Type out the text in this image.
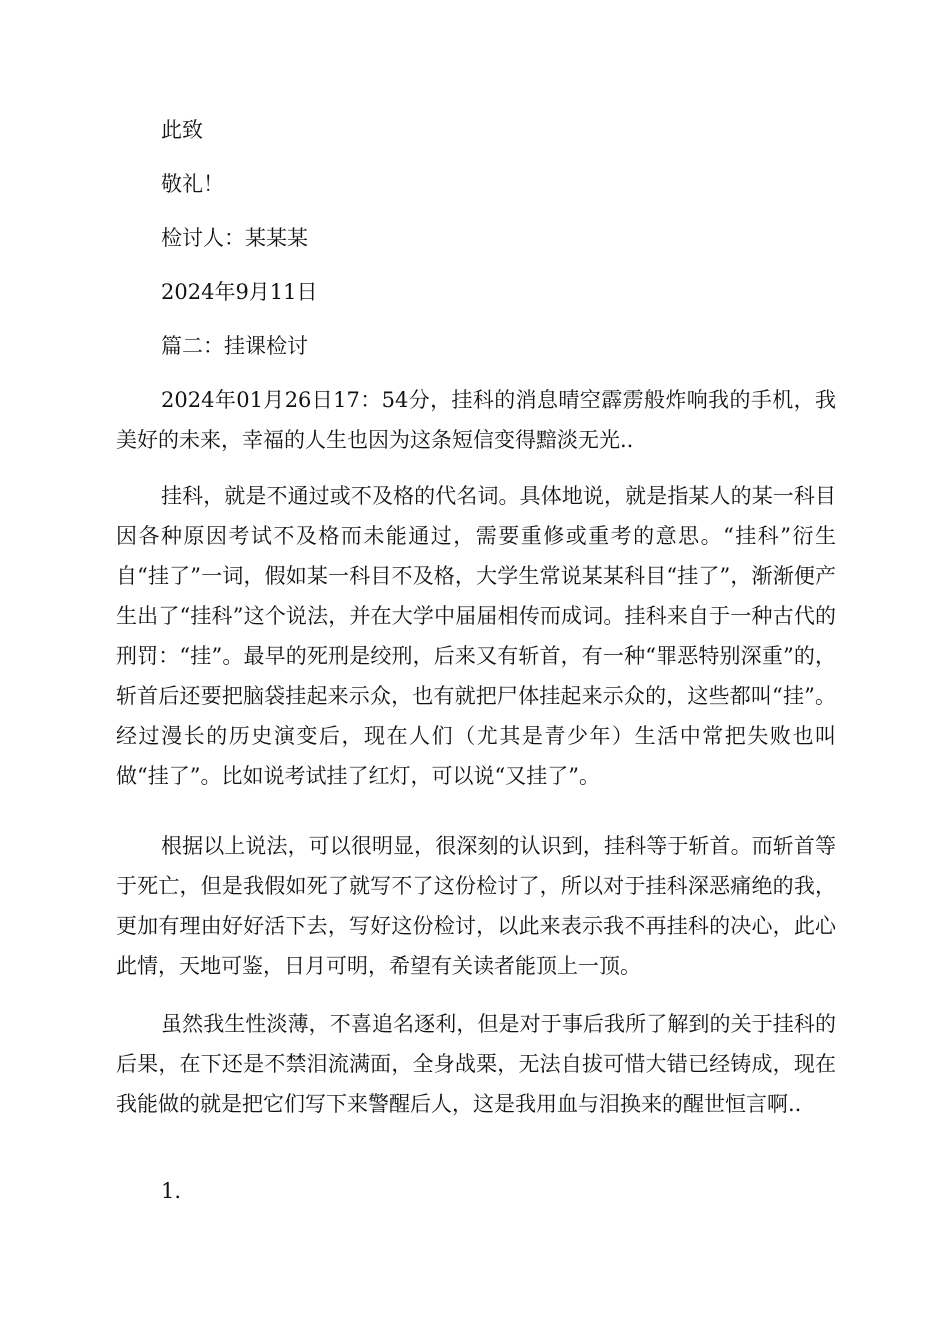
此致
敬礼！
检讨人：某某某
2024年9月11日
篇二：挂课检讨
2024年01月26日17：54分，挂科的消息晴空霹雳般炸响我的手机，我美好的未来，幸福的人生也因为这条短信变得黯淡无光..
挂科，就是不通过或不及格的代名词。具体地说，就是指某人的某一科目因各种原因考试不及格而未能通过，需要重修或重考的意思。“挂科”衍生自“挂了”一词，假如某一科目不及格，大学生常说某某科目“挂了”，渐渐便产生出了“挂科”这个说法，并在大学中届届相传而成词。挂科来自于一种古代的刑罚：“挂”。最早的死刑是绞刑，后来又有斩首，有一种“罪恶特别深重”的，斩首后还要把脑袋挂起来示众，也有就把尸体挂起来示众的，这些都叫“挂”。经过漫长的历史演变后，现在人们（尤其是青少年）生活中常把失败也叫做“挂了”。比如说考试挂了红灯，可以说“又挂了”。
根据以上说法，可以很明显，很深刻的认识到，挂科等于斩首。而斩首等于死亡，但是我假如死了就写不了这份检讨了，所以对于挂科深恶痛绝的我，更加有理由好好活下去，写好这份检讨，以此来表示我不再挂科的决心，此心此情，天地可鉴，日月可明，希望有关读者能顶上一顶。
虽然我生性淡薄，不喜追名逐利，但是对于事后我所了解到的关于挂科的后果，在下还是不禁泪流满面，全身战栗，无法自拔可惜大错已经铸成，现在我能做的就是把它们写下来警醒后人，这是我用血与泪换来的醒世恒言啊..
1.
